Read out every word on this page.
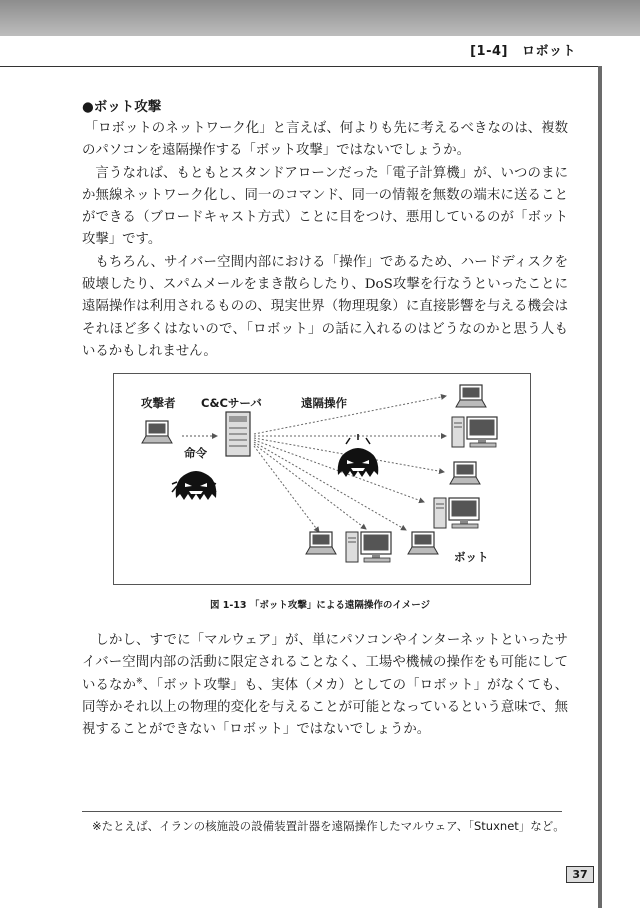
[1-4] ロボット
●ボット攻撃

「ロボットのネットワーク化」と言えば、何よりも先に考えるべきなのは、複数のパソコンを遠隔操作する「ボット攻撃」ではないでしょうか。

言うなれば、もともとスタンドアローンだった「電子計算機」が、いつのまにか無線ネットワーク化し、同一のコマンド、同一の情報を無数の端末に送ることができる（ブロードキャスト方式）ことに目をつけ、悪用しているのが「ボット攻撃」です。

もちろん、サイバー空間内部における「操作」であるため、ハードディスクを破壊したり、スパムメールをまき散らしたり、DoS攻撃を行なうといったことに遠隔操作は利用されるものの、現実世界（物理現象）に直接影響を与える機会はそれほど多くはないので、「ロボット」の話に入れるのはどうなのかと思う人もいるかもしれません。

攻撃者 C&Cサーバ	遠隔操作
命令
ボット
図 1-13 「ボット攻撃」による遠隔操作のイメージ

しかし、すでに「マルウェア」が、単にパソコンやインターネットといったサイバー空間内部の活動に限定されることなく、工場や機械の操作をも可能にしているなか※、「ボット攻撃」も、実体（メカ）としての「ロボット」がなくても、同等かそれ以上の物理的変化を与えることが可能となっているという意味で、無視することができない「ロボット」ではないでしょうか。

※たとえば、イランの核施設の設備装置計器を遠隔操作したマルウェア、「Stuxnet」など。
37
